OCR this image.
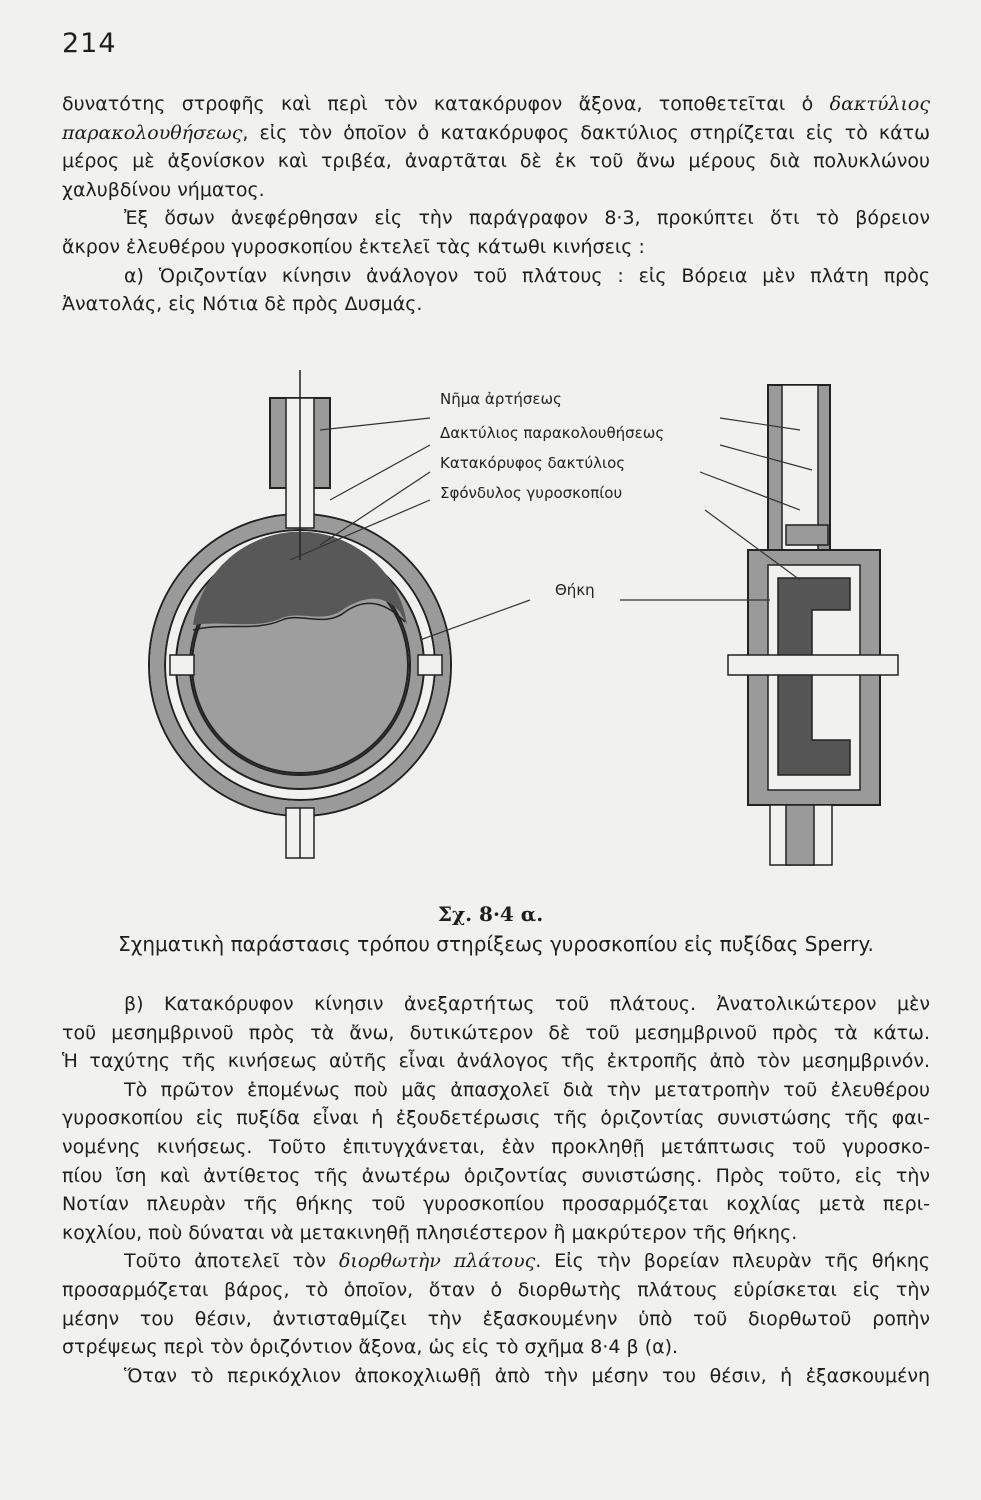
214
δυνατότης στροφῆς καὶ περὶ τὸν κατακόρυφον ἄξονα, τοποθετεῖται ὁ δακτύλιος
παρακολουθήσεως, εἰς τὸν ὁποῖον ὁ κατακόρυφος δακτύλιος στηρίζεται εἰς τὸ κάτω
μέρος μὲ ἀξονίσκον καὶ τριβέα, ἀναρτᾶται δὲ ἐκ τοῦ ἄνω μέρους διὰ πολυκλώνου
χαλυβδίνου νήματος.
Ἐξ ὅσων ἀνεφέρθησαν εἰς τὴν παράγραφον 8·3, προκύπτει ὅτι τὸ βόρειον
ἄκρον ἐλευθέρου γυροσκοπίου ἐκτελεῖ τὰς κάτωθι κινήσεις :
α) Ὁριζοντίαν κίνησιν ἀνάλογον τοῦ πλάτους : εἰς Βόρεια μὲν πλάτη πρὸς
Ἀνατολάς, εἰς Νότια δὲ πρὸς Δυσμάς.
Νῆμα ἀρτήσεως
Δακτύλιος παρακολουθήσεως
Κατακόρυφος δακτύλιος
Σφόνδυλος γυροσκοπίου
Θήκη
Σχ. 8·4 α.
Σχηματικὴ παράστασις τρόπου στηρίξεως γυροσκοπίου εἰς πυξίδας Sperry.
β) Κατακόρυφον κίνησιν ἀνεξαρτήτως τοῦ πλάτους. Ἀνατολικώτερον μὲν
τοῦ μεσημβρινοῦ πρὸς τὰ ἄνω, δυτικώτερον δὲ τοῦ μεσημβρινοῦ πρὸς τὰ κάτω.
Ἡ ταχύτης τῆς κινήσεως αὐτῆς εἶναι ἀνάλογος τῆς ἐκτροπῆς ἀπὸ τὸν μεσημβρινόν.
Τὸ πρῶτον ἑπομένως ποὺ μᾶς ἀπασχολεῖ διὰ τὴν μετατροπὴν τοῦ ἐλευθέρου
γυροσκοπίου εἰς πυξίδα εἶναι ἡ ἐξουδετέρωσις τῆς ὁριζοντίας συνιστώσης τῆς φαι-
νομένης κινήσεως. Τοῦτο ἐπιτυγχάνεται, ἐὰν προκληθῇ μετάπτωσις τοῦ γυροσκο-
πίου ἴση καὶ ἀντίθετος τῆς ἀνωτέρω ὁριζοντίας συνιστώσης. Πρὸς τοῦτο, εἰς τὴν
Νοτίαν πλευρὰν τῆς θήκης τοῦ γυροσκοπίου προσαρμόζεται κοχλίας μετὰ περι-
κοχλίου, ποὺ δύναται νὰ μετακινηθῇ πλησιέστερον ἢ μακρύτερον τῆς θήκης.
Τοῦτο ἀποτελεῖ τὸν διορθωτὴν πλάτους. Εἰς τὴν βορείαν πλευρὰν τῆς θήκης
προσαρμόζεται βάρος, τὸ ὁποῖον, ὅταν ὁ διορθωτὴς πλάτους εὑρίσκεται εἰς τὴν
μέσην του θέσιν, ἀντισταθμίζει τὴν ἐξασκουμένην ὑπὸ τοῦ διορθωτοῦ ροπὴν
στρέψεως περὶ τὸν ὁριζόντιον ἄξονα, ὡς εἰς τὸ σχῆμα 8·4 β (α).
Ὅταν τὸ περικόχλιον ἀποκοχλιωθῇ ἀπὸ τὴν μέσην του θέσιν, ἡ ἐξασκουμένη
